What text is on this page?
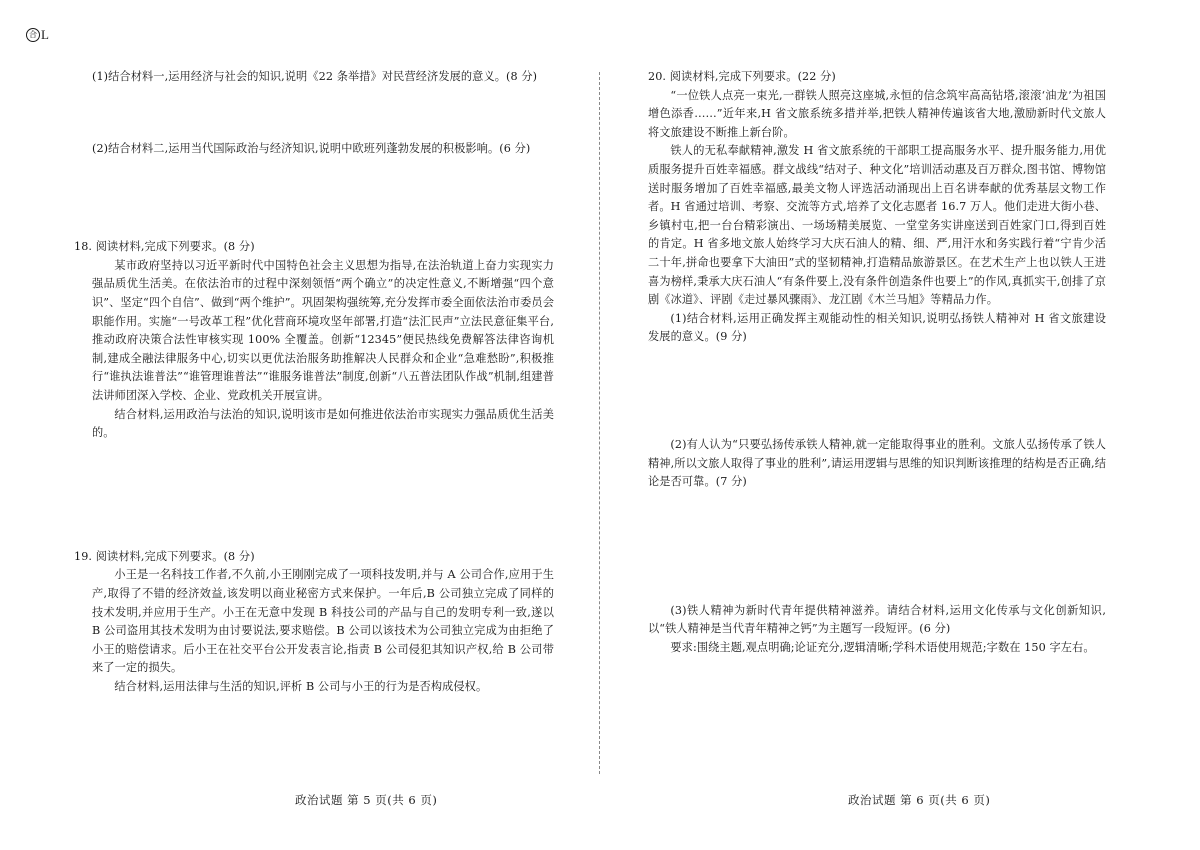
合 L

(1)结合材料一,运用经济与社会的知识,说明《22 条举措》对民营经济发展的意义。(8 分)

(2)结合材料二,运用当代国际政治与经济知识,说明中欧班列蓬勃发展的积极影响。(6 分)

18. 阅读材料,完成下列要求。(8 分)

某市政府坚持以习近平新时代中国特色社会主义思想为指导,在法治轨道上奋力实现实力强品质优生活美。在依法治市的过程中深刻领悟“两个确立”的决定性意义,不断增强“四个意识”、坚定“四个自信”、做到“两个维护”。巩固架构强统筹,充分发挥市委全面依法治市委员会职能作用。实施“一号改革工程”优化营商环境攻坚年部署,打造“法汇民声”立法民意征集平台,推动政府决策合法性审核实现 100% 全覆盖。创新“12345”便民热线免费解答法律咨询机制,建成全融法律服务中心,切实以更优法治服务助推解决人民群众和企业“急难愁盼”,积极推行“谁执法谁普法”“谁管理谁普法”“谁服务谁普法”制度,创新“八五普法团队作战”机制,组建普法讲师团深入学校、企业、党政机关开展宣讲。

结合材料,运用政治与法治的知识,说明该市是如何推进依法治市实现实力强品质优生活美的。

19. 阅读材料,完成下列要求。(8 分)

小王是一名科技工作者,不久前,小王刚刚完成了一项科技发明,并与 A 公司合作,应用于生产,取得了不错的经济效益,该发明以商业秘密方式来保护。一年后,B 公司独立完成了同样的技术发明,并应用于生产。小王在无意中发现 B 科技公司的产品与自己的发明专利一致,遂以 B 公司盗用其技术发明为由讨要说法,要求赔偿。B 公司以该技术为公司独立完成为由拒绝了小王的赔偿请求。后小王在社交平台公开发表言论,指责 B 公司侵犯其知识产权,给 B 公司带来了一定的损失。

结合材料,运用法律与生活的知识,评析 B 公司与小王的行为是否构成侵权。

20. 阅读材料,完成下列要求。(22 分)

“一位铁人点亮一束光,一群铁人照亮这座城,永恒的信念筑牢高高钻塔,滚滚‘油龙’为祖国增色添香……”近年来,H 省文旅系统多措并举,把铁人精神传遍该省大地,激励新时代文旅人将文旅建设不断推上新台阶。

铁人的无私奉献精神,激发 H 省文旅系统的干部职工提高服务水平、提升服务能力,用优质服务提升百姓幸福感。群文战线“结对子、种文化”培训活动惠及百万群众,图书馆、博物馆送时服务增加了百姓幸福感,最美文物人评选活动涌现出上百名讲奉献的优秀基层文物工作者。H 省通过培训、考察、交流等方式,培养了文化志愿者 16.7 万人。他们走进大街小巷、乡镇村屯,把一台台精彩演出、一场场精美展览、一堂堂务实讲座送到百姓家门口,得到百姓的肯定。H 省多地文旅人始终学习大庆石油人的精、细、严,用汗水和务实践行着“宁肯少活二十年,拼命也要拿下大油田”式的坚韧精神,打造精品旅游景区。在艺术生产上也以铁人王进喜为榜样,秉承大庆石油人“有条件要上,没有条件创造条件也要上”的作风,真抓实干,创排了京剧《冰道》、评剧《走过暴风骤雨》、龙江剧《木兰马旭》等精品力作。

(1)结合材料,运用正确发挥主观能动性的相关知识,说明弘扬铁人精神对 H 省文旅建设发展的意义。(9 分)

(2)有人认为“只要弘扬传承铁人精神,就一定能取得事业的胜利。文旅人弘扬传承了铁人精神,所以文旅人取得了事业的胜利”,请运用逻辑与思维的知识判断该推理的结构是否正确,结论是否可靠。(7 分)

(3)铁人精神为新时代青年提供精神滋养。请结合材料,运用文化传承与文化创新知识,以“铁人精神是当代青年精神之钙”为主题写一段短评。(6 分)

要求:围绕主题,观点明确;论证充分,逻辑清晰;学科术语使用规范;字数在 150 字左右。

政治试题 第 5 页(共 6 页)	政治试题 第 6 页(共 6 页)
